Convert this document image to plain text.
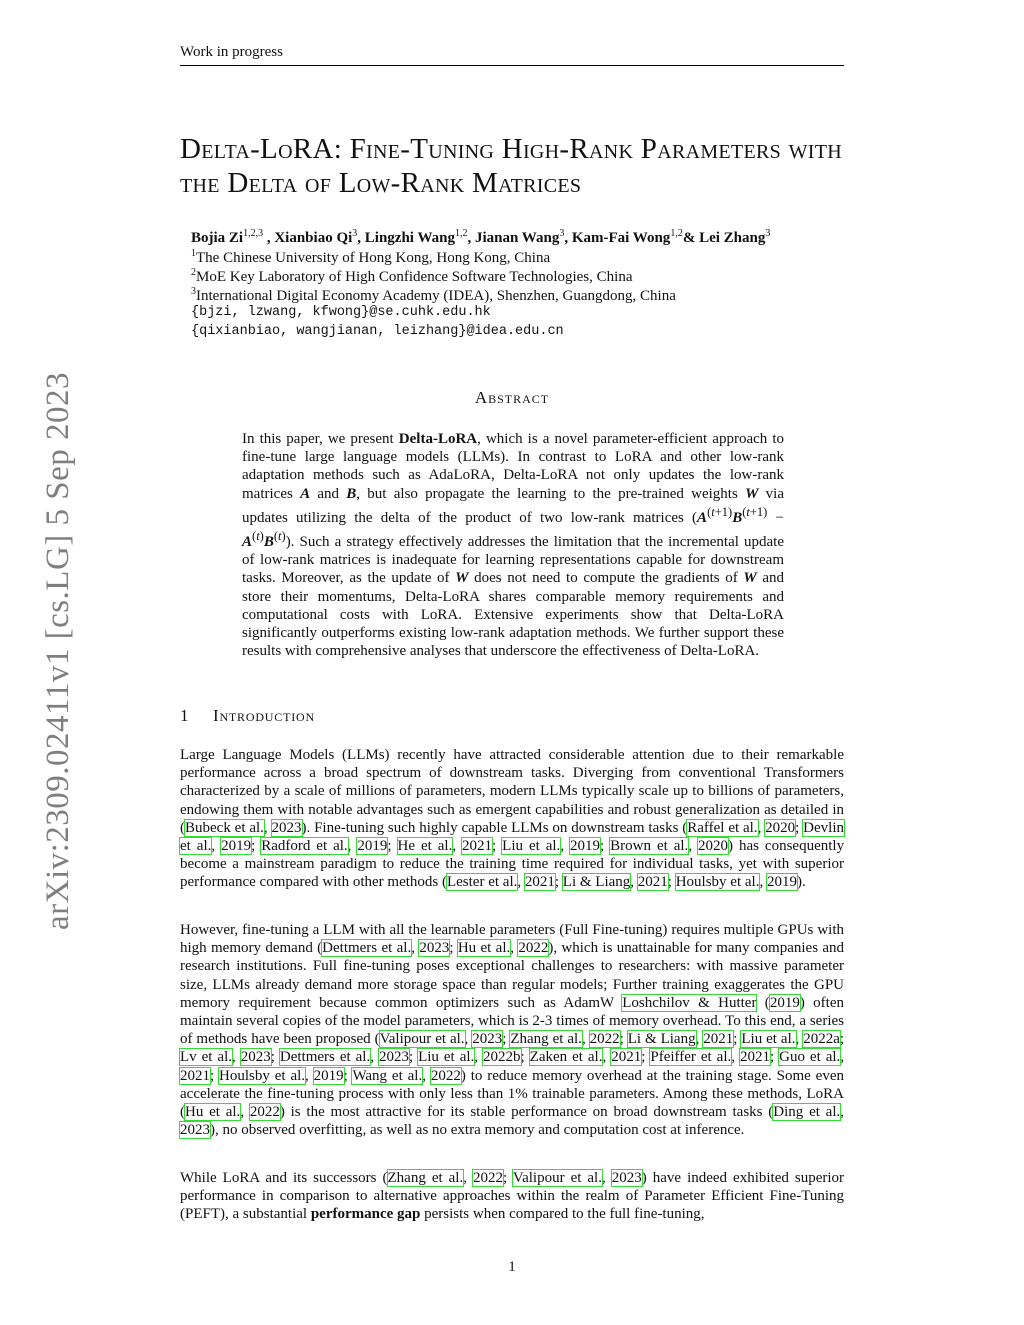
Work in progress
arXiv:2309.02411v1 [cs.LG] 5 Sep 2023
Delta-LoRA: Fine-Tuning High-Rank Parameters with the Delta of Low-Rank Matrices
Bojia Zi$^{1,2,3}$ , Xianbiao Qi$^3$, Lingzhi Wang$^{1,2}$, Jianan Wang$^3$, Kam-Fai Wong$^{1,2}$& Lei Zhang$^3$
$^1$The Chinese University of Hong Kong, Hong Kong, China
$^2$MoE Key Laboratory of High Confidence Software Technologies, China
$^3$International Digital Economy Academy (IDEA), Shenzhen, Guangdong, China
{bjzi, lzwang, kfwong}@se.cuhk.edu.hk
{qixianbiao, wangjianan, leizhang}@idea.edu.cn
Abstract
In this paper, we present Delta-LoRA, which is a novel parameter-efficient approach to fine-tune large language models (LLMs). In contrast to LoRA and other low-rank adaptation methods such as AdaLoRA, Delta-LoRA not only updates the low-rank matrices A and B, but also propagate the learning to the pre-trained weights W via updates utilizing the delta of the product of two low-rank matrices $(A^{(t+1)}B^{(t+1)} - A^{(t)}B^{(t)})$. Such a strategy effectively addresses the limitation that the incremental update of low-rank matrices is inadequate for learning representations capable for downstream tasks. Moreover, as the update of W does not need to compute the gradients of W and store their momentums, Delta-LoRA shares comparable memory requirements and computational costs with LoRA. Extensive experiments show that Delta-LoRA significantly outperforms existing low-rank adaptation methods. We further support these results with comprehensive analyses that underscore the effectiveness of Delta-LoRA.
1 Introduction
Large Language Models (LLMs) recently have attracted considerable attention due to their remarkable performance across a broad spectrum of downstream tasks. Diverging from conventional Transformers characterized by a scale of millions of parameters, modern LLMs typically scale up to billions of parameters, endowing them with notable advantages such as emergent capabilities and robust generalization as detailed in (Bubeck et al., 2023). Fine-tuning such highly capable LLMs on downstream tasks (Raffel et al., 2020; Devlin et al., 2019; Radford et al., 2019; He et al., 2021; Liu et al., 2019; Brown et al., 2020) has consequently become a mainstream paradigm to reduce the training time required for individual tasks, yet with superior performance compared with other methods (Lester et al., 2021; Li & Liang, 2021; Houlsby et al., 2019).
However, fine-tuning a LLM with all the learnable parameters (Full Fine-tuning) requires multiple GPUs with high memory demand (Dettmers et al., 2023; Hu et al., 2022), which is unattainable for many companies and research institutions. Full fine-tuning poses exceptional challenges to researchers: with massive parameter size, LLMs already demand more storage space than regular models; Further training exaggerates the GPU memory requirement because common optimizers such as AdamW Loshchilov & Hutter (2019) often maintain several copies of the model parameters, which is 2-3 times of memory overhead. To this end, a series of methods have been proposed (Valipour et al., 2023; Zhang et al., 2022; Li & Liang, 2021; Liu et al., 2022a; Lv et al., 2023; Dettmers et al., 2023; Liu et al., 2022b; Zaken et al., 2021; Pfeiffer et al., 2021; Guo et al., 2021; Houlsby et al., 2019; Wang et al., 2022) to reduce memory overhead at the training stage. Some even accelerate the fine-tuning process with only less than 1% trainable parameters. Among these methods, LoRA (Hu et al., 2022) is the most attractive for its stable performance on broad downstream tasks (Ding et al., 2023), no observed overfitting, as well as no extra memory and computation cost at inference.
While LoRA and its successors (Zhang et al., 2022; Valipour et al., 2023) have indeed exhibited superior performance in comparison to alternative approaches within the realm of Parameter Efficient Fine-Tuning (PEFT), a substantial performance gap persists when compared to the full fine-tuning,
1
